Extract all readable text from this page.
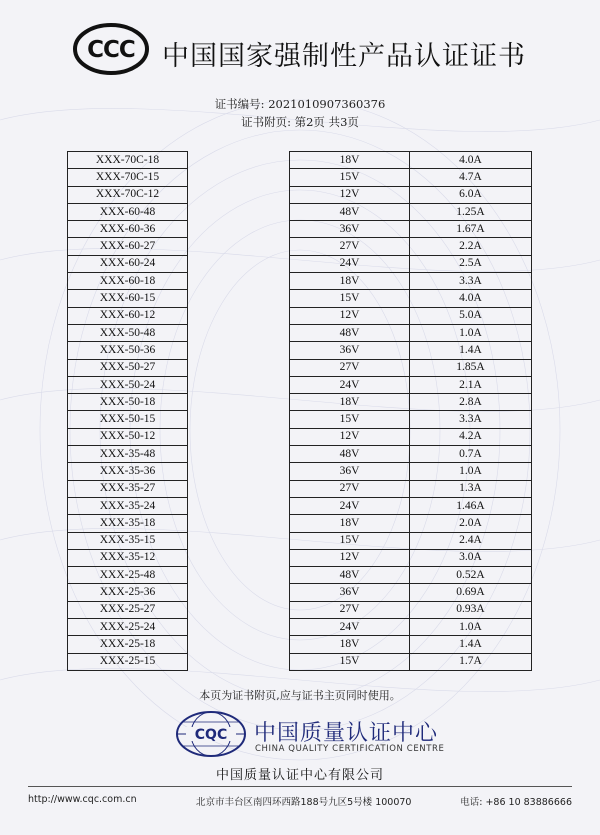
CCC 中国国家强制性产品认证证书
证书编号: 2021010907360376
证书附页: 第2页 共3页
XXX-70C-18		18V	4.0A
XXX-70C-15		15V	4.7A
XXX-70C-12		12V	6.0A
XXX-60-48		48V	1.25A
XXX-60-36		36V	1.67A
XXX-60-27		27V	2.2A
XXX-60-24		24V	2.5A
XXX-60-18		18V	3.3A
XXX-60-15		15V	4.0A
XXX-60-12		12V	5.0A
XXX-50-48		48V	1.0A
XXX-50-36		36V	1.4A
XXX-50-27		27V	1.85A
XXX-50-24		24V	2.1A
XXX-50-18		18V	2.8A
XXX-50-15		15V	3.3A
XXX-50-12		12V	4.2A
XXX-35-48		48V	0.7A
XXX-35-36		36V	1.0A
XXX-35-27		27V	1.3A
XXX-35-24		24V	1.46A
XXX-35-18		18V	2.0A
XXX-35-15		15V	2.4A
XXX-35-12		12V	3.0A
XXX-25-48		48V	0.52A
XXX-25-36		36V	0.69A
XXX-25-27		27V	0.93A
XXX-25-24		24V	1.0A
XXX-25-18		18V	1.4A
XXX-25-15		15V	1.7A
本页为证书附页,应与证书主页同时使用。
CQC 中国质量认证中心
CHINA QUALITY CERTIFICATION CENTRE
中国质量认证中心有限公司
http://www.cqc.com.cn	北京市丰台区南四环西路188号九区5号楼 100070	电话: +86 10 83886666
